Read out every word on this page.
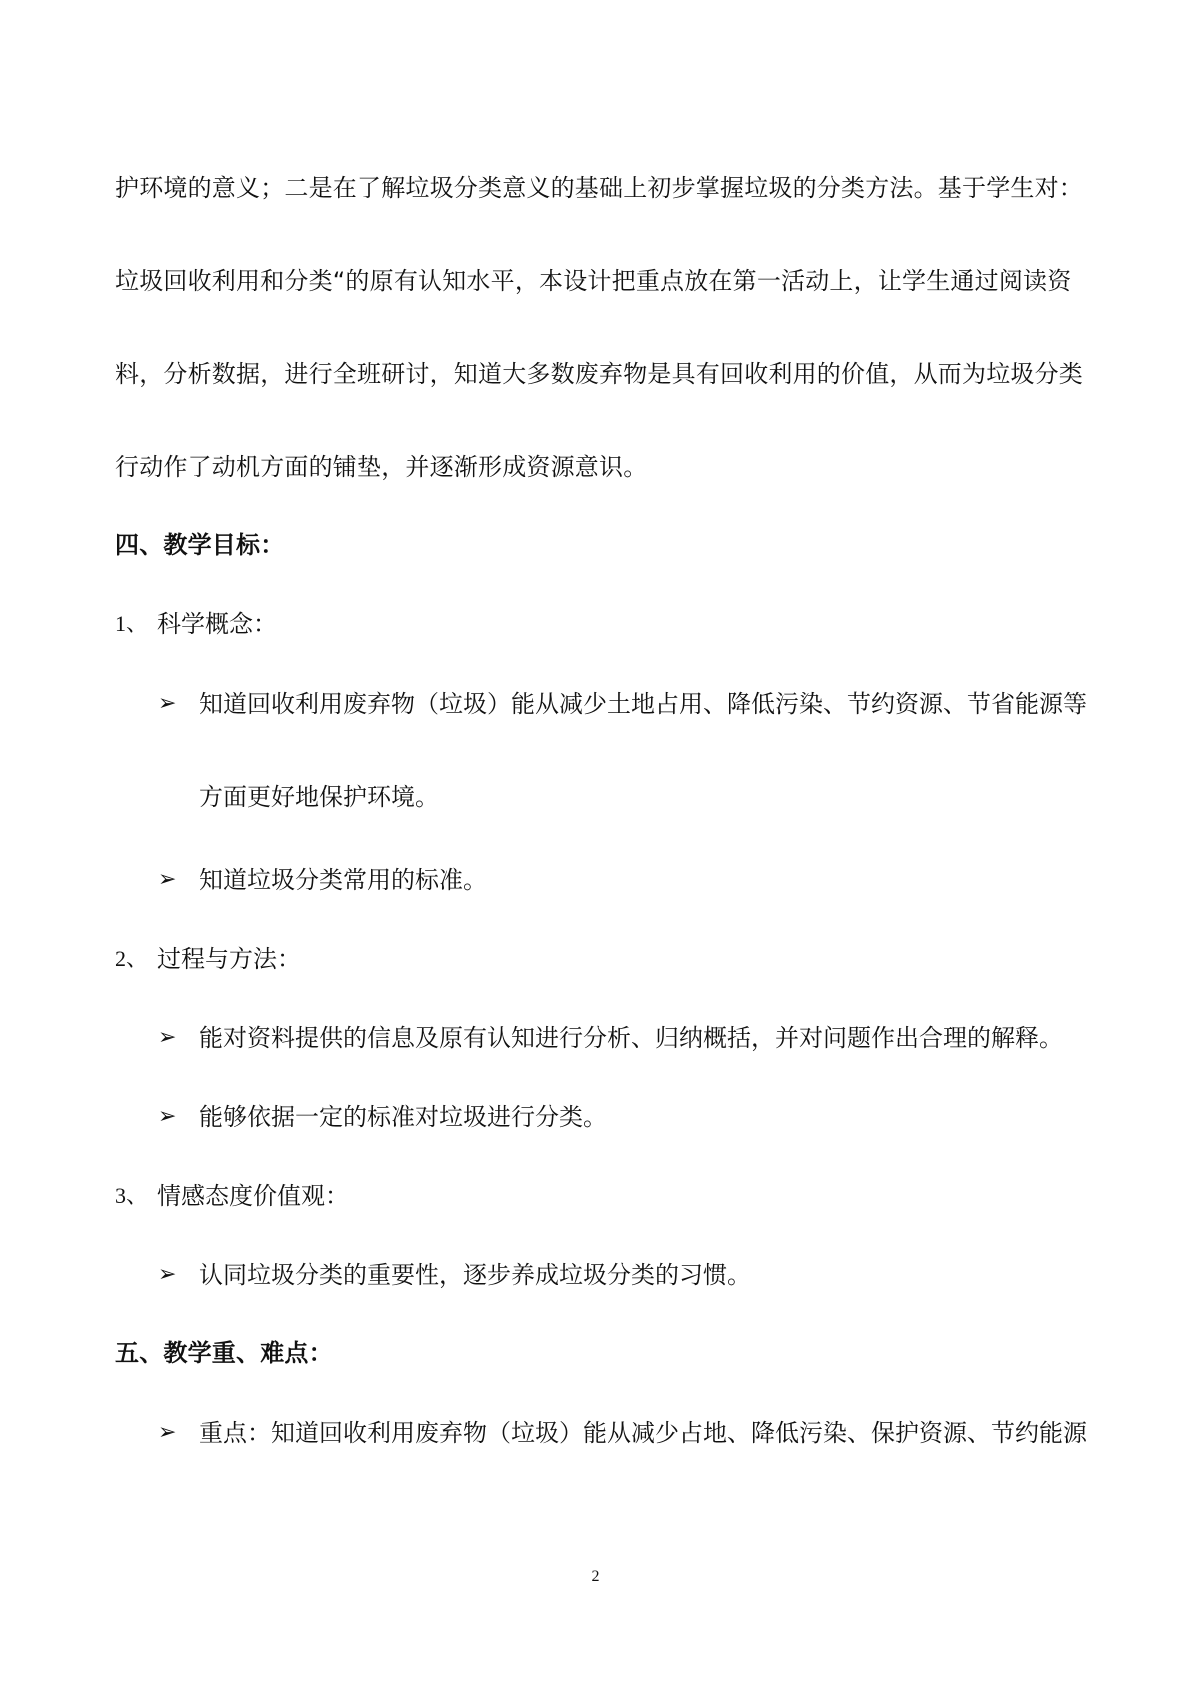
护环境的意义；二是在了解垃圾分类意义的基础上初步掌握垃圾的分类方法。基于学生对：
垃圾回收利用和分类“的原有认知水平，本设计把重点放在第一活动上，让学生通过阅读资
料，分析数据，进行全班研讨，知道大多数废弃物是具有回收利用的价值，从而为垃圾分类
行动作了动机方面的铺垫，并逐渐形成资源意识。
四、教学目标：
1、 科学概念：
➢ 知道回收利用废弃物（垃圾）能从减少土地占用、降低污染、节约资源、节省能源等
方面更好地保护环境。
➢ 知道垃圾分类常用的标准。
2、 过程与方法：
➢ 能对资料提供的信息及原有认知进行分析、归纳概括，并对问题作出合理的解释。
➢ 能够依据一定的标准对垃圾进行分类。
3、 情感态度价值观：
➢ 认同垃圾分类的重要性，逐步养成垃圾分类的习惯。
五、教学重、难点：
➢ 重点：知道回收利用废弃物（垃圾）能从减少占地、降低污染、保护资源、节约能源
2
